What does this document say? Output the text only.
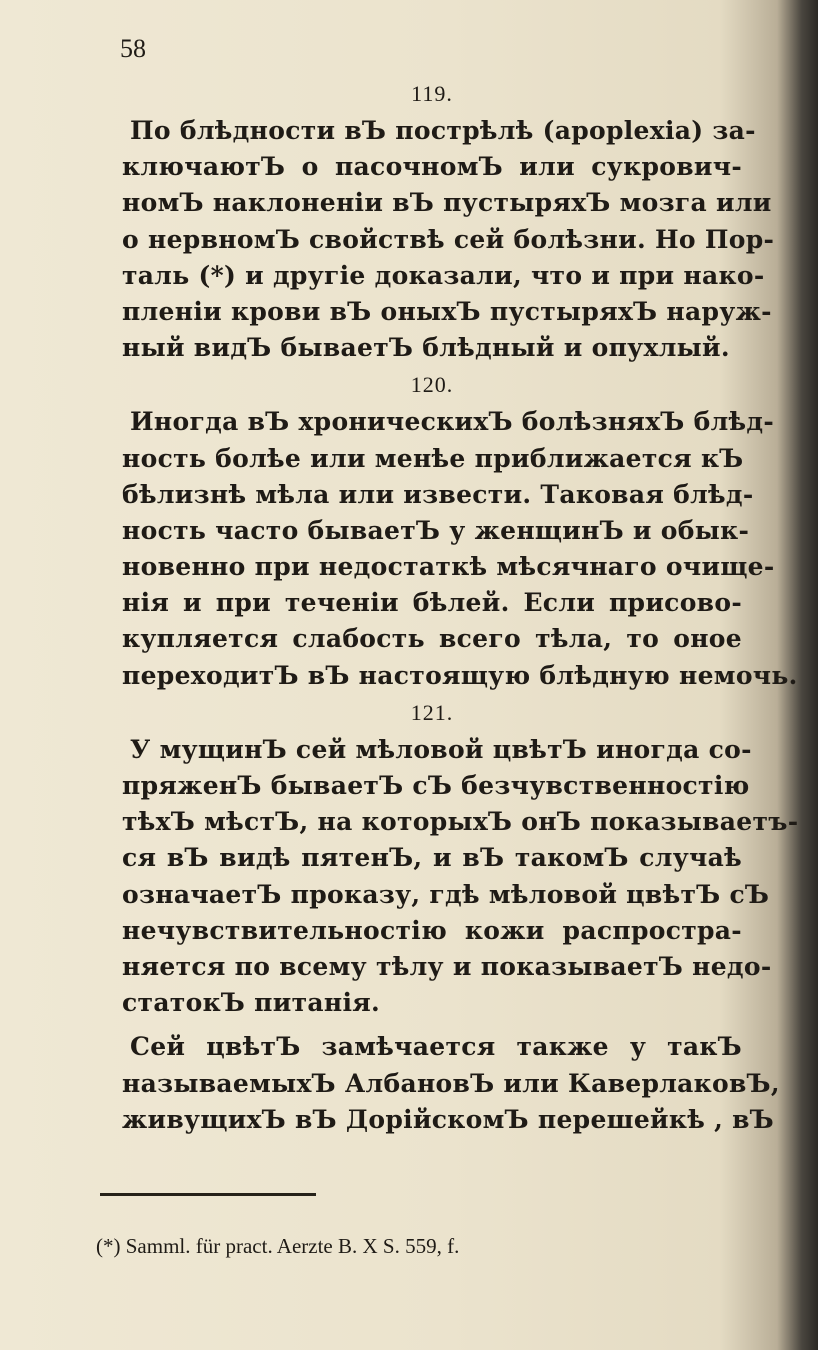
58
119.
По блѣдности вЪ пострѣлѣ (apoplexia) за-
ключаютЪ о пасочномЪ или сукрович-
номЪ наклоненіи вЪ пустыряхЪ мозга или
о нервномЪ свойствѣ сей болѣзни. Но Пор-
таль (*) и другіе доказали, что и при нако-
пленіи крови вЪ оныхЪ пустыряхЪ наруж-
ный видЪ бываетЪ блѣдный и опухлый.
120.
Иногда вЪ хроническихЪ болѣзняхЪ блѣд-
ность болѣе или менѣе приближается кЪ
бѣлизнѣ мѣла или извести. Таковая блѣд-
ность часто бываетЪ у женщинЪ и обык-
новенно при недостаткѣ мѣсячнаго очище-
нія и при теченіи бѣлей. Если присово-
купляется слабость всего тѣла, то оное
переходитЪ вЪ настоящую блѣдную немочь.
121.
У мущинЪ сей мѣловой цвѣтЪ иногда со-
пряженЪ бываетЪ сЪ безчувственностію
тѣхЪ мѣстЪ, на которыхЪ онЪ показываетъ-
ся вЪ видѣ пятенЪ, и вЪ такомЪ случаѣ
означаетЪ проказу, гдѣ мѣловой цвѣтЪ сЪ
нечувствительностію кожи распростра-
няется по всему тѣлу и показываетЪ недо-
статокЪ питанія.
Сей цвѣтЪ замѣчается также у такЪ
называемыхЪ АлбановЪ или КаверлаковЪ,
живущихЪ вЪ ДорійскомЪ перешейкѣ , вЪ
(*) Samml. für pract. Aerzte B. X S. 559, f.
